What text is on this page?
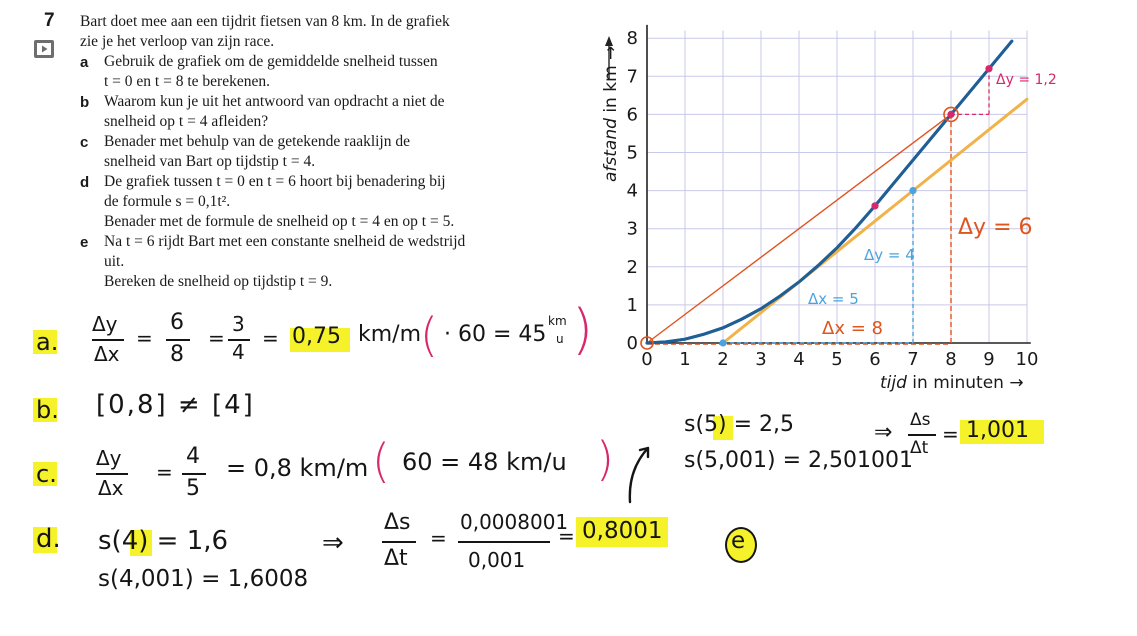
7 Bart doet mee aan een tijdrit fietsen van 8 km. In de grafiek
zie je het verloop van zijn race.
a Gebruik de grafiek om de gemiddelde snelheid tussen
t = 0 en t = 8 te berekenen.
b Waarom kun je uit het antwoord van opdracht a niet de
snelheid op t = 4 afleiden?
c Benader met behulp van de getekende raaklijn de
snelheid van Bart op tijdstip t = 4.
d De grafiek tussen t = 0 en t = 6 hoort bij benadering bij
de formule s = 0,1t².
Benader met de formule de snelheid op t = 4 en op t = 5.
e Na t = 6 rijdt Bart met een constante snelheid de wedstrijd
uit.
Bereken de snelheid op tijdstip t = 9.
0 1 2 3 4 5 6 7 8 9 10
1
2
3
4
5
6
7
8
0
tijd in minuten →
afstand in km →
Δx = 5
Δy = 4
Δx = 8
Δy = 6
Δy = 1,2
a.
Δy
Δx
=
6
8
=
3
4
= 0,75 km/m
( · 60 = 45
km
u )
b. [0,8] ≠ [4]
c.
Δy
Δx
=
4
5
= 0,8 km/m ( 60 = 48 km/u )
d. s(4) = 1,6
s(4,001) = 1,6008
⇒
Δs
Δt
=
0,0008001
0,001
= 0,8001	e
s(5) = 2,5
s(5,001) = 2,501001
⇒ Δs
Δt
= 1,001
